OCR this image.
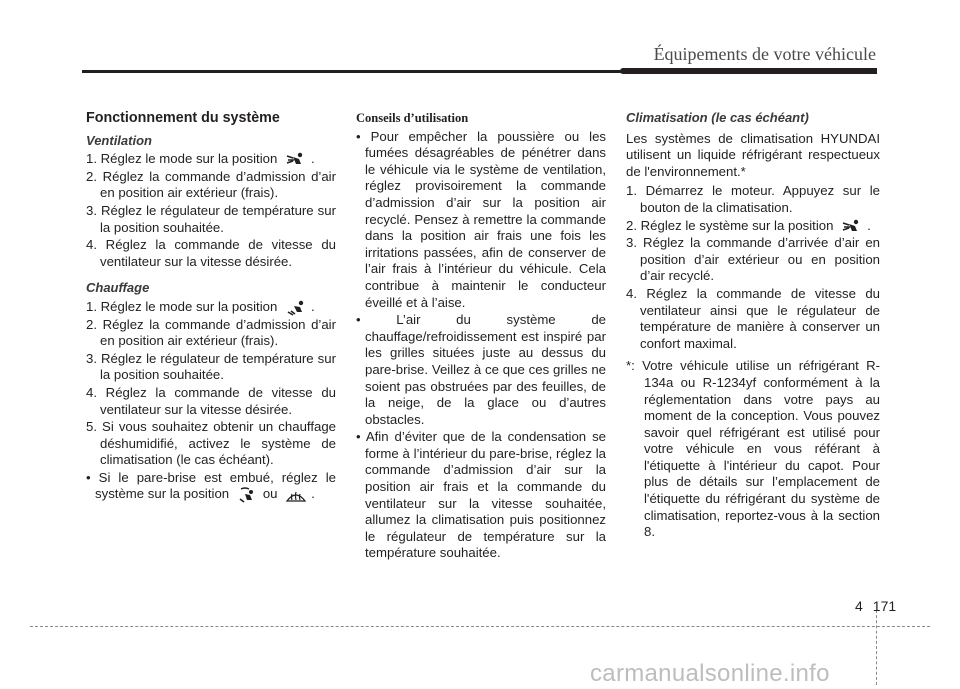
Équipements de votre véhicule
Fonctionnement du système
Ventilation
1. Réglez le mode sur la position	.
2. Réglez la commande d’admission d’air en position air extérieur (frais).
3. Réglez le régulateur de température sur la position souhaitée.
4. Réglez la commande de vitesse du ventilateur sur la vitesse désirée.
Chauffage
1. Réglez le mode sur la position	.
2. Réglez la commande d’admission d’air en position air extérieur (frais).
3. Réglez le régulateur de température sur la position souhaitée.
4. Réglez la commande de vitesse du ventilateur sur la vitesse désirée.
5. Si vous souhaitez obtenir un chauffage déshumidifié, activez le système de climatisation (le cas échéant).
• Si le pare-brise est embué, réglez le système sur la position	ou	.
Conseils d’utilisation
• Pour empêcher la poussière ou les fumées désagréables de pénétrer dans le véhicule via le système de ventilation, réglez provisoirement la commande d’admission d’air sur la position air recyclé. Pensez à remettre la commande dans la position air frais une fois les irritations passées, afin de conserver de l’air frais à l’intérieur du véhicule. Cela contribue à maintenir le conducteur éveillé et à l’aise.
• L’air du système de chauffage/refroidissement est inspiré par les grilles situées juste au dessus du pare-brise. Veillez à ce que ces grilles ne soient pas obstruées par des feuilles, de la neige, de la glace ou d’autres obstacles.
• Afin d’éviter que de la condensation se forme à l’intérieur du pare-brise, réglez la commande d’admission d’air sur la position air frais et la commande du ventilateur sur la vitesse souhaitée, allumez la climatisation puis positionnez le régulateur de température sur la température souhaitée.
Climatisation (le cas échéant)
Les systèmes de climatisation HYUNDAI utilisent un liquide réfrigérant respectueux de l'environnement.*
1. Démarrez le moteur. Appuyez sur le bouton de la climatisation.
2. Réglez le système sur la position	.
3. Réglez la commande d’arrivée d’air en position d’air extérieur ou en position d’air recyclé.
4. Réglez la commande de vitesse du ventilateur ainsi que le régulateur de température de manière à conserver un confort maximal.
*: Votre véhicule utilise un réfrigérant R-134a ou R-1234yf conformément à la réglementation dans votre pays au moment de la conception. Vous pouvez savoir quel réfrigérant est utilisé pour votre véhicule en vous référant à l'étiquette à l'intérieur du capot. Pour plus de détails sur l’emplacement de l'étiquette du réfrigérant du système de climatisation, reportez-vous à la section 8.
4 171
carmanualsonline.info
